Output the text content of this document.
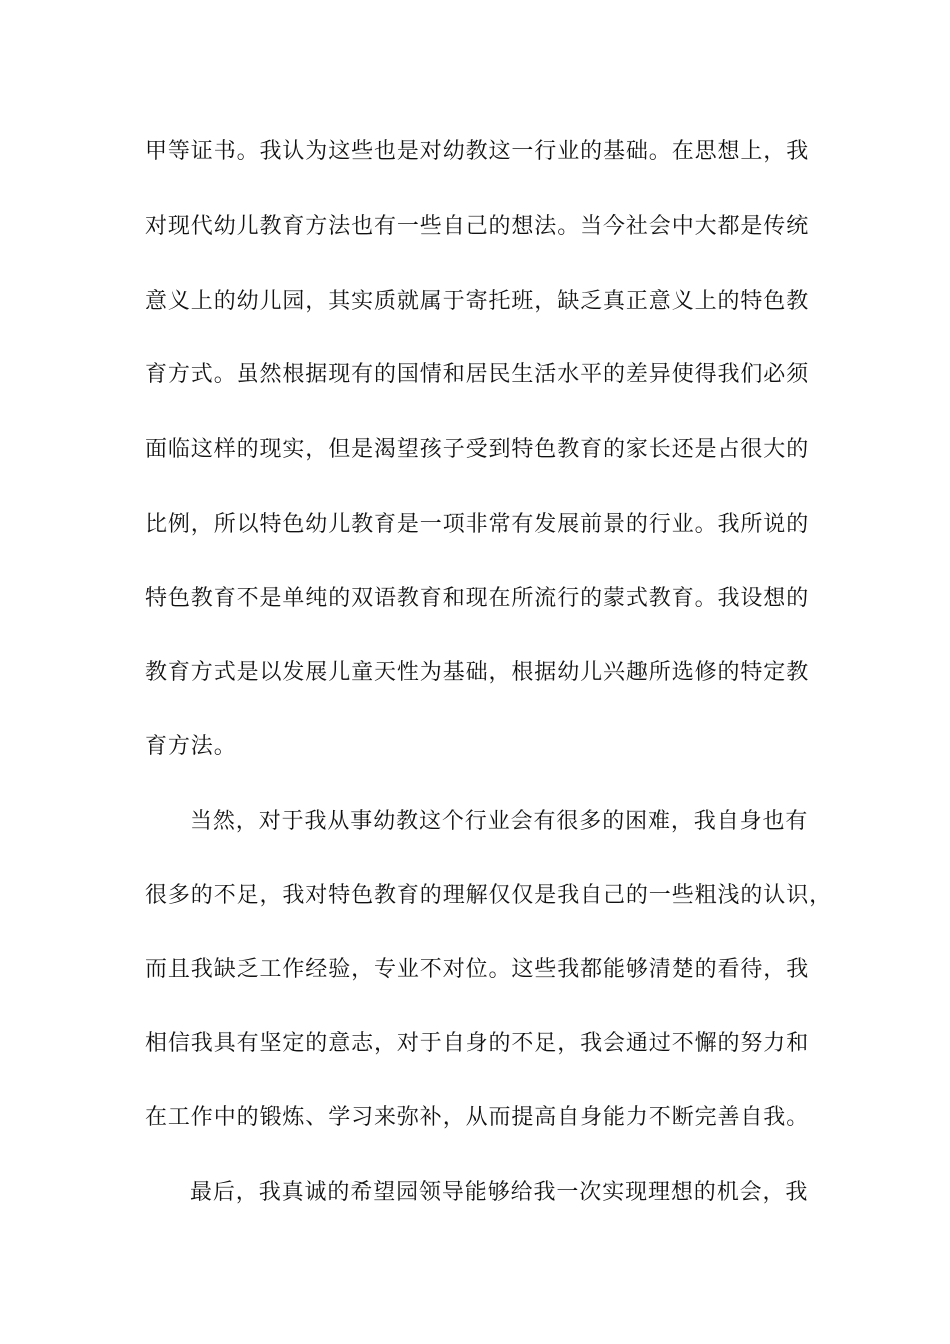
甲等证书。我认为这些也是对幼教这一行业的基础。在思想上，我
对现代幼儿教育方法也有一些自己的想法。当今社会中大都是传统
意义上的幼儿园，其实质就属于寄托班，缺乏真正意义上的特色教
育方式。虽然根据现有的国情和居民生活水平的差异使得我们必须
面临这样的现实，但是渴望孩子受到特色教育的家长还是占很大的
比例，所以特色幼儿教育是一项非常有发展前景的行业。我所说的
特色教育不是单纯的双语教育和现在所流行的蒙式教育。我设想的
教育方式是以发展儿童天性为基础，根据幼儿兴趣所选修的特定教
育方法。
当然，对于我从事幼教这个行业会有很多的困难，我自身也有
很多的不足，我对特色教育的理解仅仅是我自己的一些粗浅的认识，
而且我缺乏工作经验，专业不对位。这些我都能够清楚的看待，我
相信我具有坚定的意志，对于自身的不足，我会通过不懈的努力和
在工作中的锻炼、学习来弥补，从而提高自身能力不断完善自我。
最后，我真诚的希望园领导能够给我一次实现理想的机会，我
